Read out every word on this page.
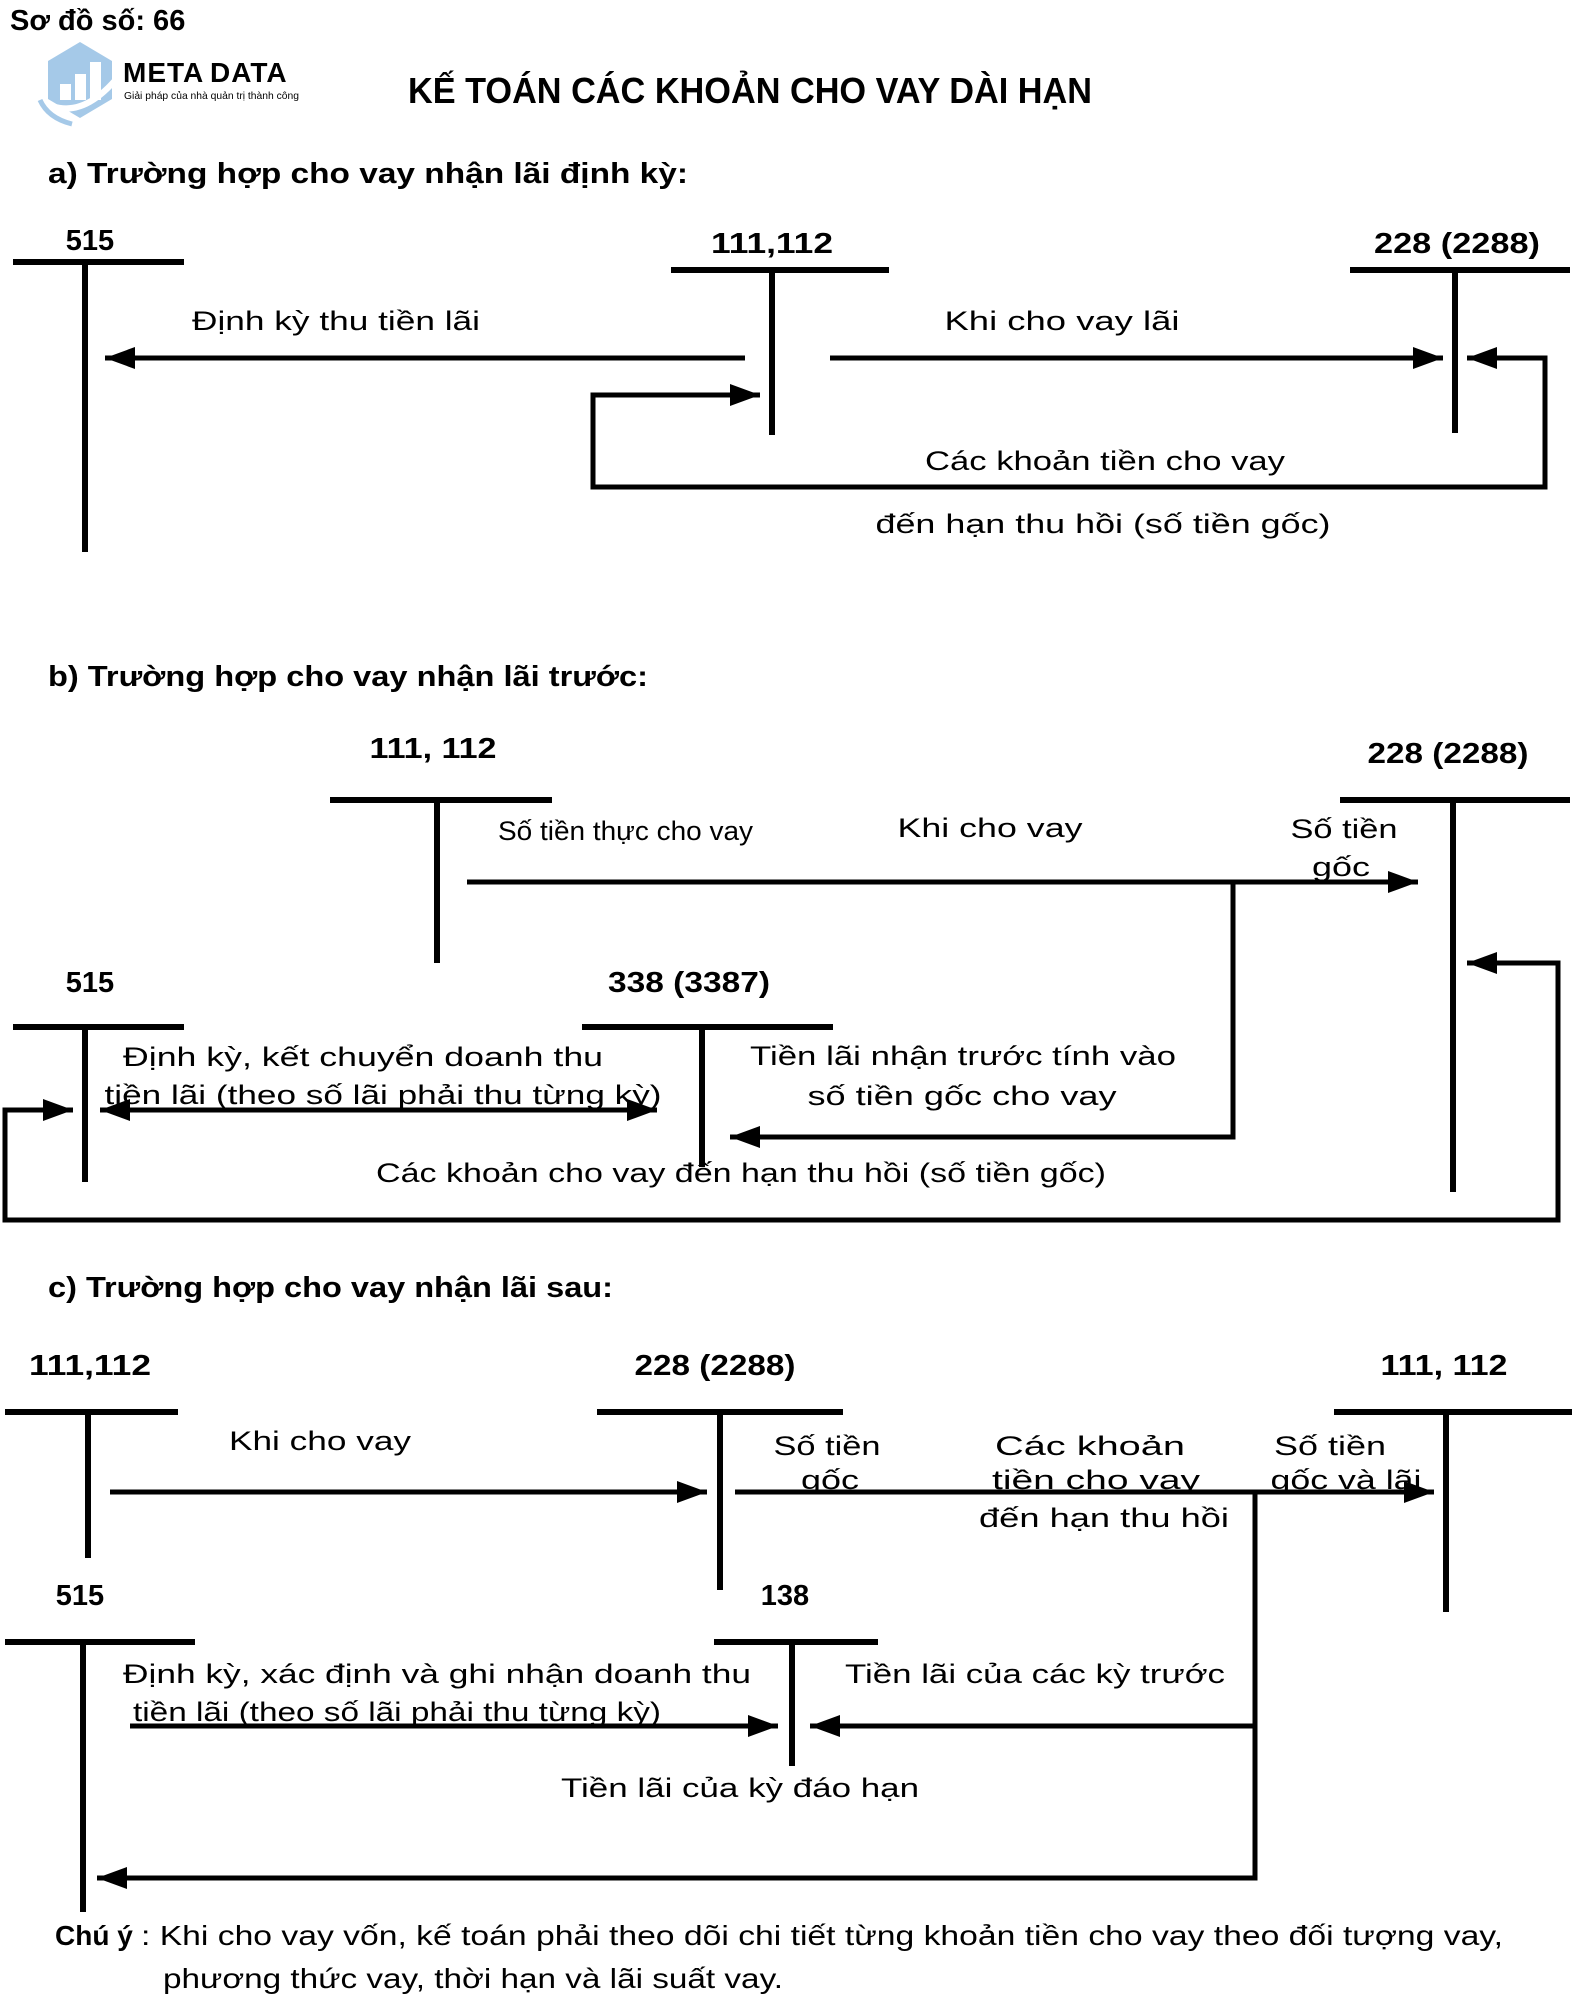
Sơ đồ số: 66
KẾ TOÁN CÁC KHOẢN CHO VAY DÀI HẠN
META DATA
Giải pháp của nhà quản trị thành công
a) Trường hợp cho vay nhận lãi định kỳ:
515	111,112	228 (2288)
Định kỳ thu tiền lãi	Khi cho vay lãi
Các khoản tiền cho vay
đến hạn thu hồi (số tiền gốc)
b) Trường hợp cho vay nhận lãi trước:
111, 112	228 (2288)
Số tiền thực cho vay	Khi cho vay	Số tiền
gốc
Tiền lãi nhận trước tính vào
số tiền gốc cho vay
515	338 (3387)
Định kỳ, kết chuyển doanh thu
tiền lãi (theo số lãi phải thu từng kỳ)
Các khoản cho vay đến hạn thu hồi (số tiền gốc)
c) Trường hợp cho vay nhận lãi sau:
111,112	228 (2288)	111, 112
Khi cho vay	Số tiền
gốc
Các khoản
tiền cho vay
đến hạn thu hồi
Số tiền
gốc và lãi
515	138
Định kỳ, xác định và ghi nhận doanh thu
tiền lãi (theo số lãi phải thu từng kỳ)
Tiền lãi của các kỳ trước
Tiền lãi của kỳ đáo hạn
Chú ý : Khi cho vay vốn, kế toán phải theo dõi chi tiết từng khoản tiền cho vay theo đối tượng vay,
phương thức vay, thời hạn và lãi suất vay.
